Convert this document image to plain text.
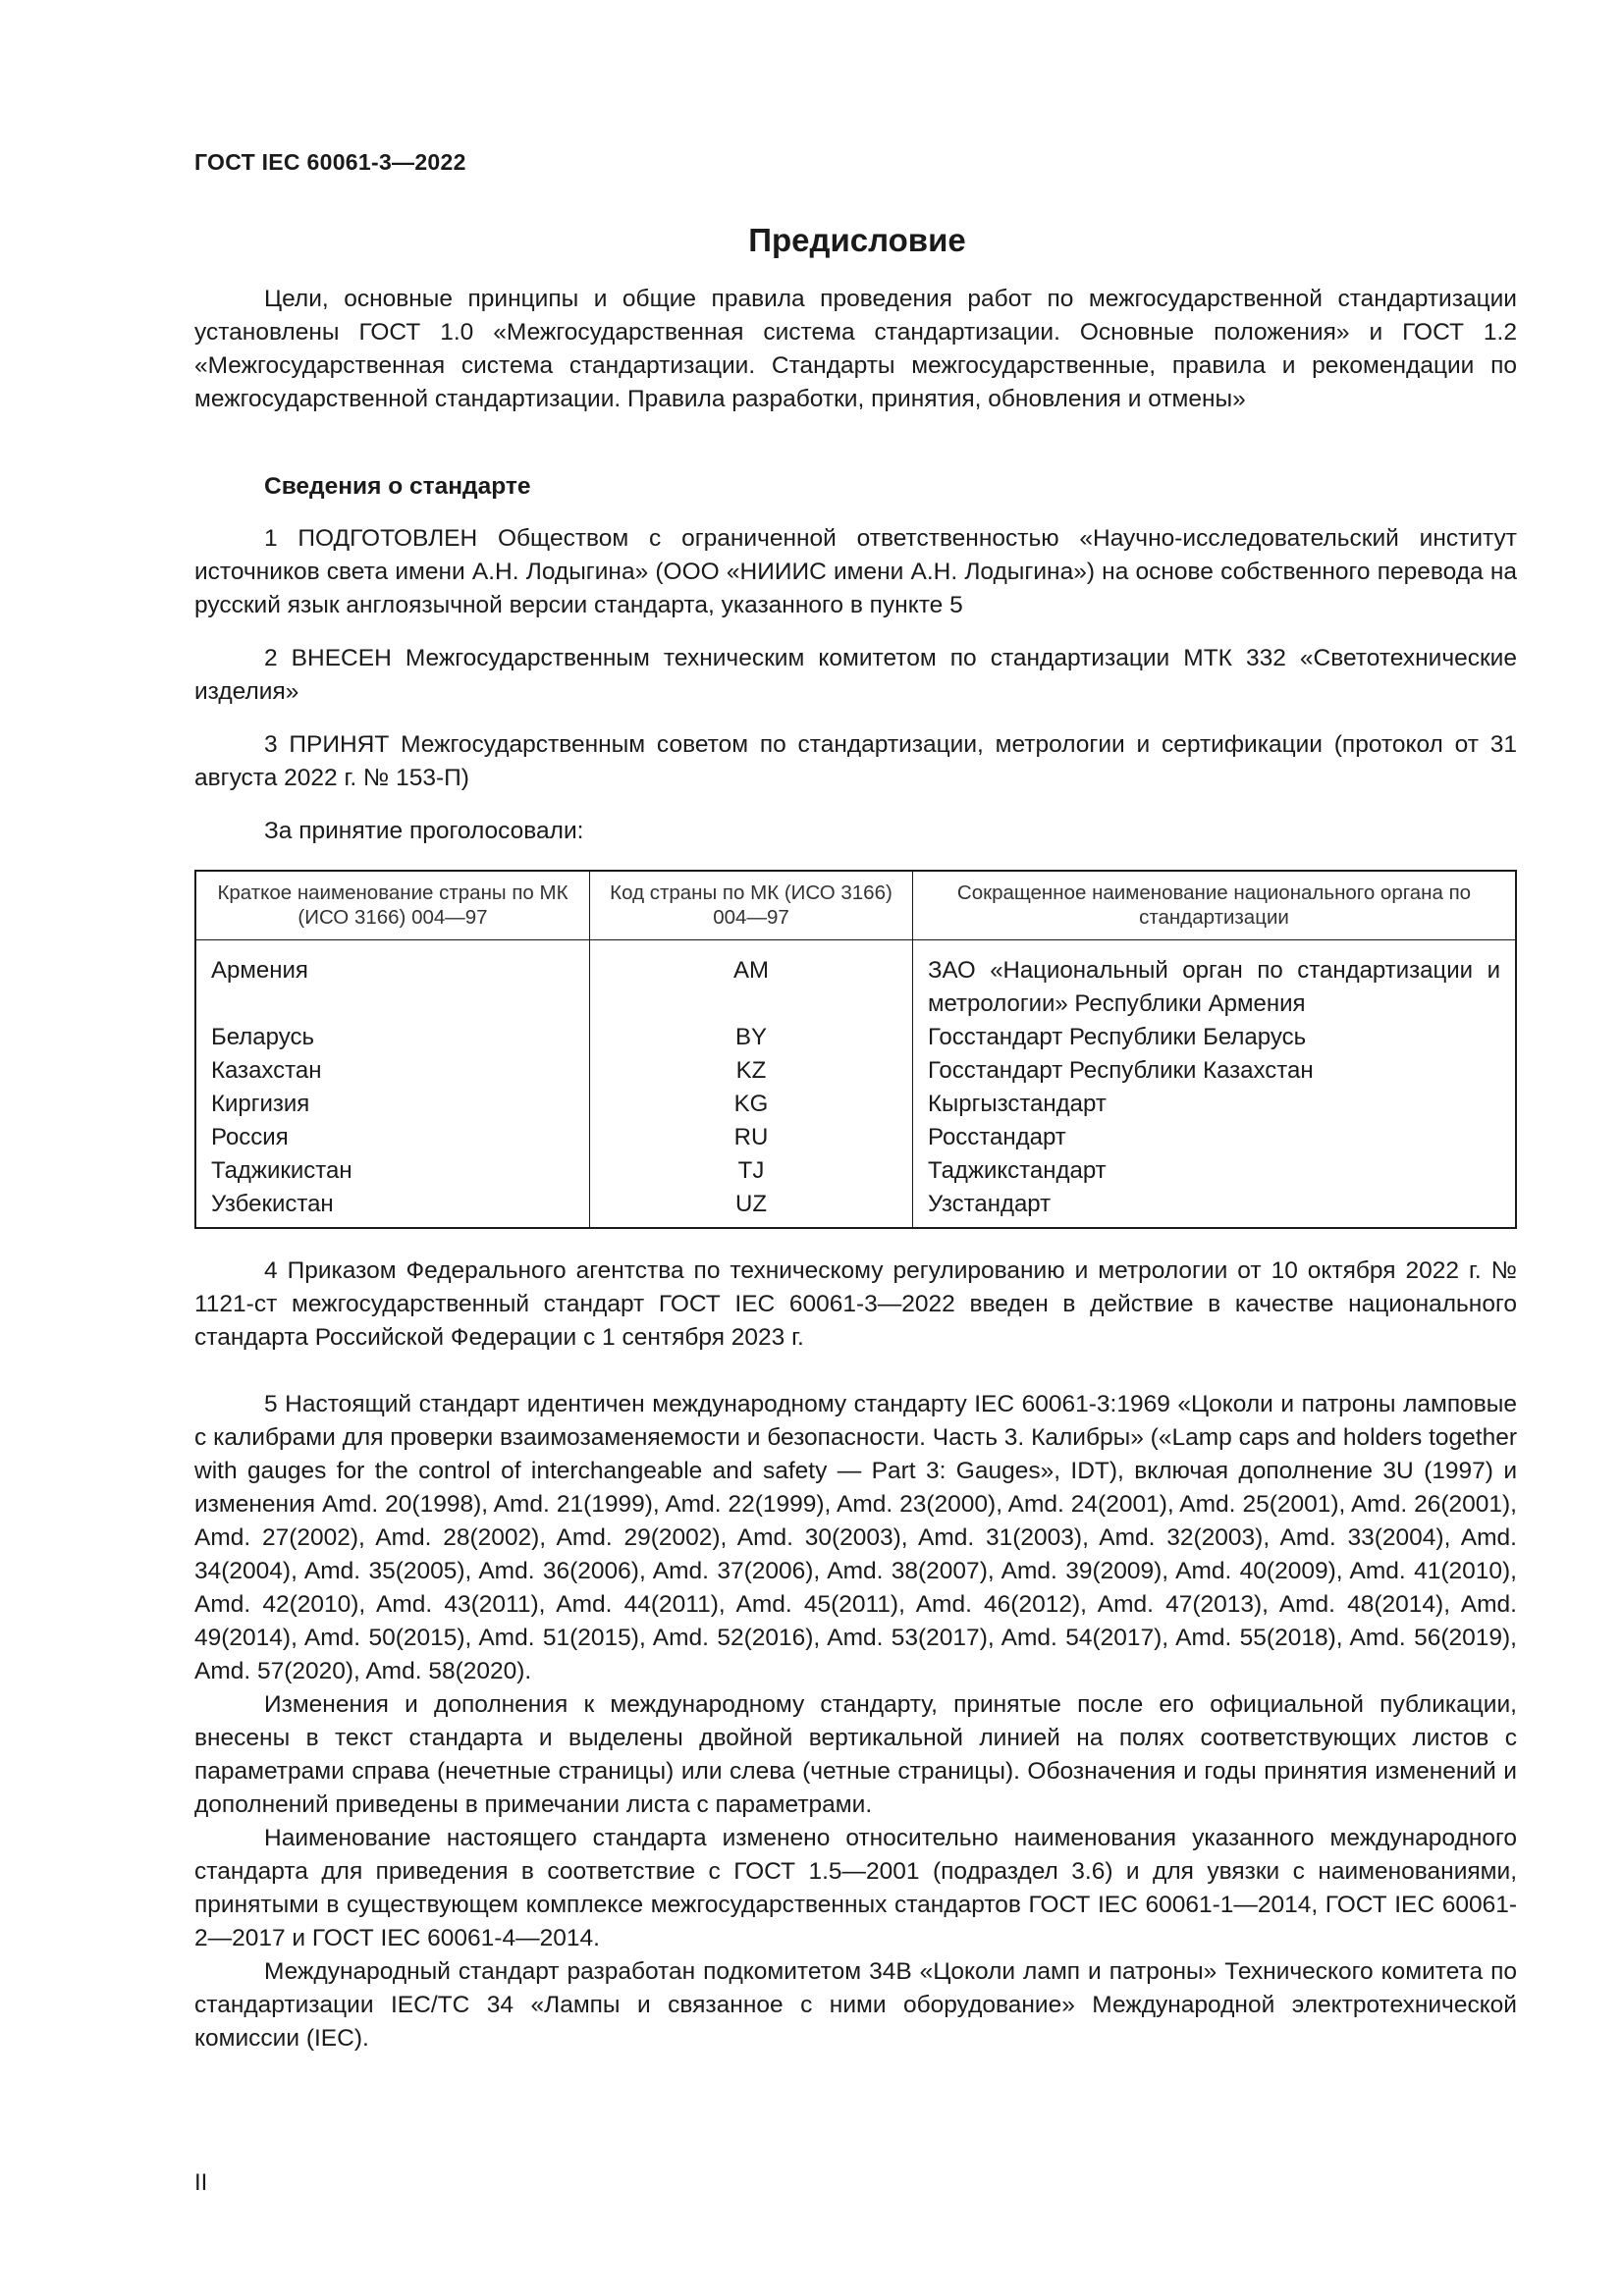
ГОСТ IEC 60061-3—2022
Предисловие

Цели, основные принципы и общие правила проведения работ по межгосударственной стандартизации установлены ГОСТ 1.0 «Межгосударственная система стандартизации. Основные положения» и ГОСТ 1.2 «Межгосударственная система стандартизации. Стандарты межгосударственные, правила и рекомендации по межгосударственной стандартизации. Правила разработки, принятия, обновления и отмены»

Сведения о стандарте

1 ПОДГОТОВЛЕН Обществом с ограниченной ответственностью «Научно-исследовательский институт источников света имени А.Н. Лодыгина» (ООО «НИИИС имени А.Н. Лодыгина») на основе собственного перевода на русский язык англоязычной версии стандарта, указанного в пункте 5

2 ВНЕСЕН Межгосударственным техническим комитетом по стандартизации МТК 332 «Светотехнические изделия»

3 ПРИНЯТ Межгосударственным советом по стандартизации, метрологии и сертификации (протокол от 31 августа 2022 г. № 153-П)

За принятие проголосовали:

Краткое наименование страны по МК (ИСО 3166) 004—97	Код страны по МК (ИСО 3166) 004—97	Сокращенное наименование национального органа по стандартизации
Армения	AM	ЗАО «Национальный орган по стандартизации и метрологии» Республики Армения
Беларусь	BY	Госстандарт Республики Беларусь
Казахстан	KZ	Госстандарт Республики Казахстан
Киргизия	KG	Кыргызстандарт
Россия	RU	Росстандарт
Таджикистан	TJ	Таджикстандарт
Узбекистан	UZ	Узстандарт

4 Приказом Федерального агентства по техническому регулированию и метрологии от 10 октября 2022 г. № 1121-ст межгосударственный стандарт ГОСТ IEC 60061-3—2022 введен в действие в качестве национального стандарта Российской Федерации с 1 сентября 2023 г.

5 Настоящий стандарт идентичен международному стандарту IEC 60061-3:1969 «Цоколи и патроны ламповые с калибрами для проверки взаимозаменяемости и безопасности. Часть 3. Калибры» («Lamp caps and holders together with gauges for the control of interchangeable and safety — Part 3: Gauges», IDT), включая дополнение 3U (1997) и изменения Amd. 20(1998), Amd. 21(1999), Amd. 22(1999), Amd. 23(2000), Amd. 24(2001), Amd. 25(2001), Amd. 26(2001), Amd. 27(2002), Amd. 28(2002), Amd. 29(2002), Amd. 30(2003), Amd. 31(2003), Amd. 32(2003), Amd. 33(2004), Amd. 34(2004), Amd. 35(2005), Amd. 36(2006), Amd. 37(2006), Amd. 38(2007), Amd. 39(2009), Amd. 40(2009), Amd. 41(2010), Amd. 42(2010), Amd. 43(2011), Amd. 44(2011), Amd. 45(2011), Amd. 46(2012), Amd. 47(2013), Amd. 48(2014), Amd. 49(2014), Amd. 50(2015), Amd. 51(2015), Amd. 52(2016), Amd. 53(2017), Amd. 54(2017), Amd. 55(2018), Amd. 56(2019), Amd. 57(2020), Amd. 58(2020).

Изменения и дополнения к международному стандарту, принятые после его официальной публикации, внесены в текст стандарта и выделены двойной вертикальной линией на полях соответствующих листов с параметрами справа (нечетные страницы) или слева (четные страницы). Обозначения и годы принятия изменений и дополнений приведены в примечании листа с параметрами.

Наименование настоящего стандарта изменено относительно наименования указанного международного стандарта для приведения в соответствие с ГОСТ 1.5—2001 (подраздел 3.6) и для увязки с наименованиями, принятыми в существующем комплексе межгосударственных стандартов ГОСТ IEC 60061-1—2014, ГОСТ IEC 60061- 2—2017 и ГОСТ IEC 60061-4—2014.

Международный стандарт разработан подкомитетом 34B «Цоколи ламп и патроны» Технического комитета по стандартизации IEC/TC 34 «Лампы и связанное с ними оборудование» Международной электротехнической комиссии (IEC).

II
